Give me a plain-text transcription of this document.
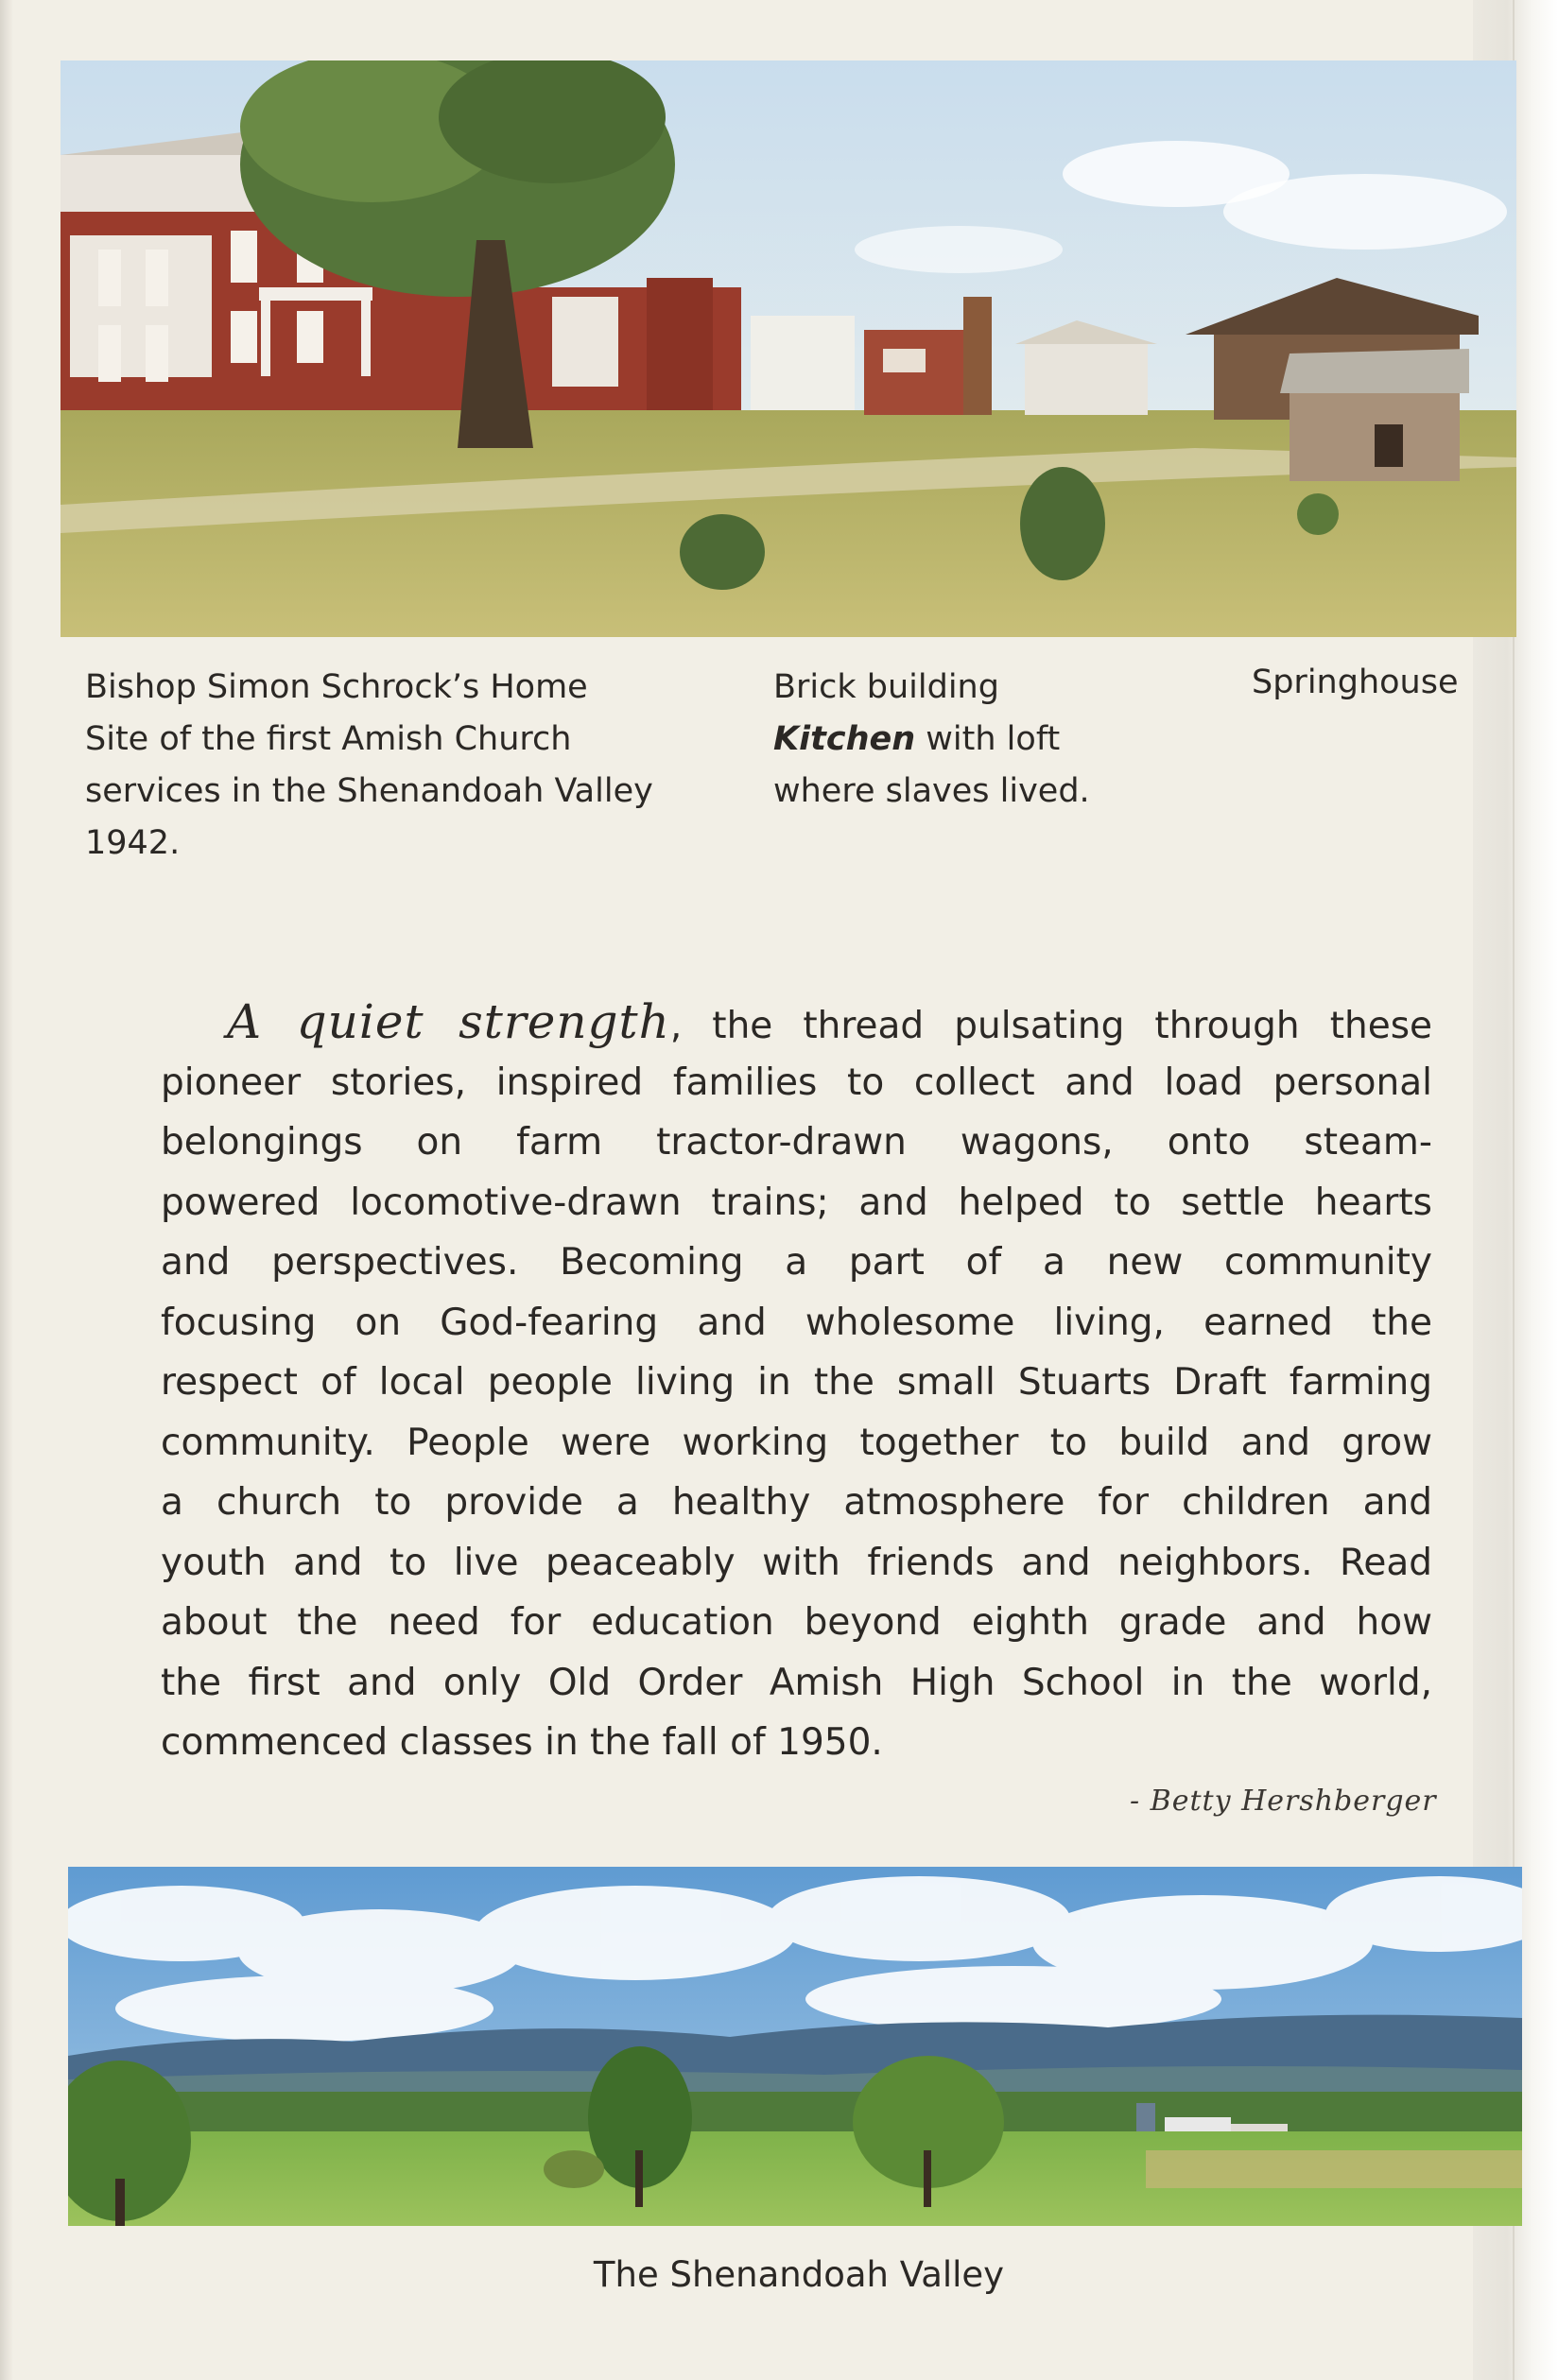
Bishop Simon Schrock’s Home
Site of the first Amish Church
services in the Shenandoah Valley
1942.
Brick building
Kitchen with loft
where slaves lived.
Springhouse
A quiet strength, the thread pulsating through these
pioneer stories, inspired families to collect and load personal
belongings on farm tractor-drawn wagons, onto steam-
powered locomotive-drawn trains; and helped to settle hearts
and perspectives. Becoming a part of a new community
focusing on God-fearing and wholesome living, earned the
respect of local people living in the small Stuarts Draft farming
community. People were working together to build and grow
a church to provide a healthy atmosphere for children and
youth and to live peaceably with friends and neighbors. Read
about the need for education beyond eighth grade and how
the first and only Old Order Amish High School in the world,
commenced classes in the fall of 1950.
- Betty Hershberger
The Shenandoah Valley
